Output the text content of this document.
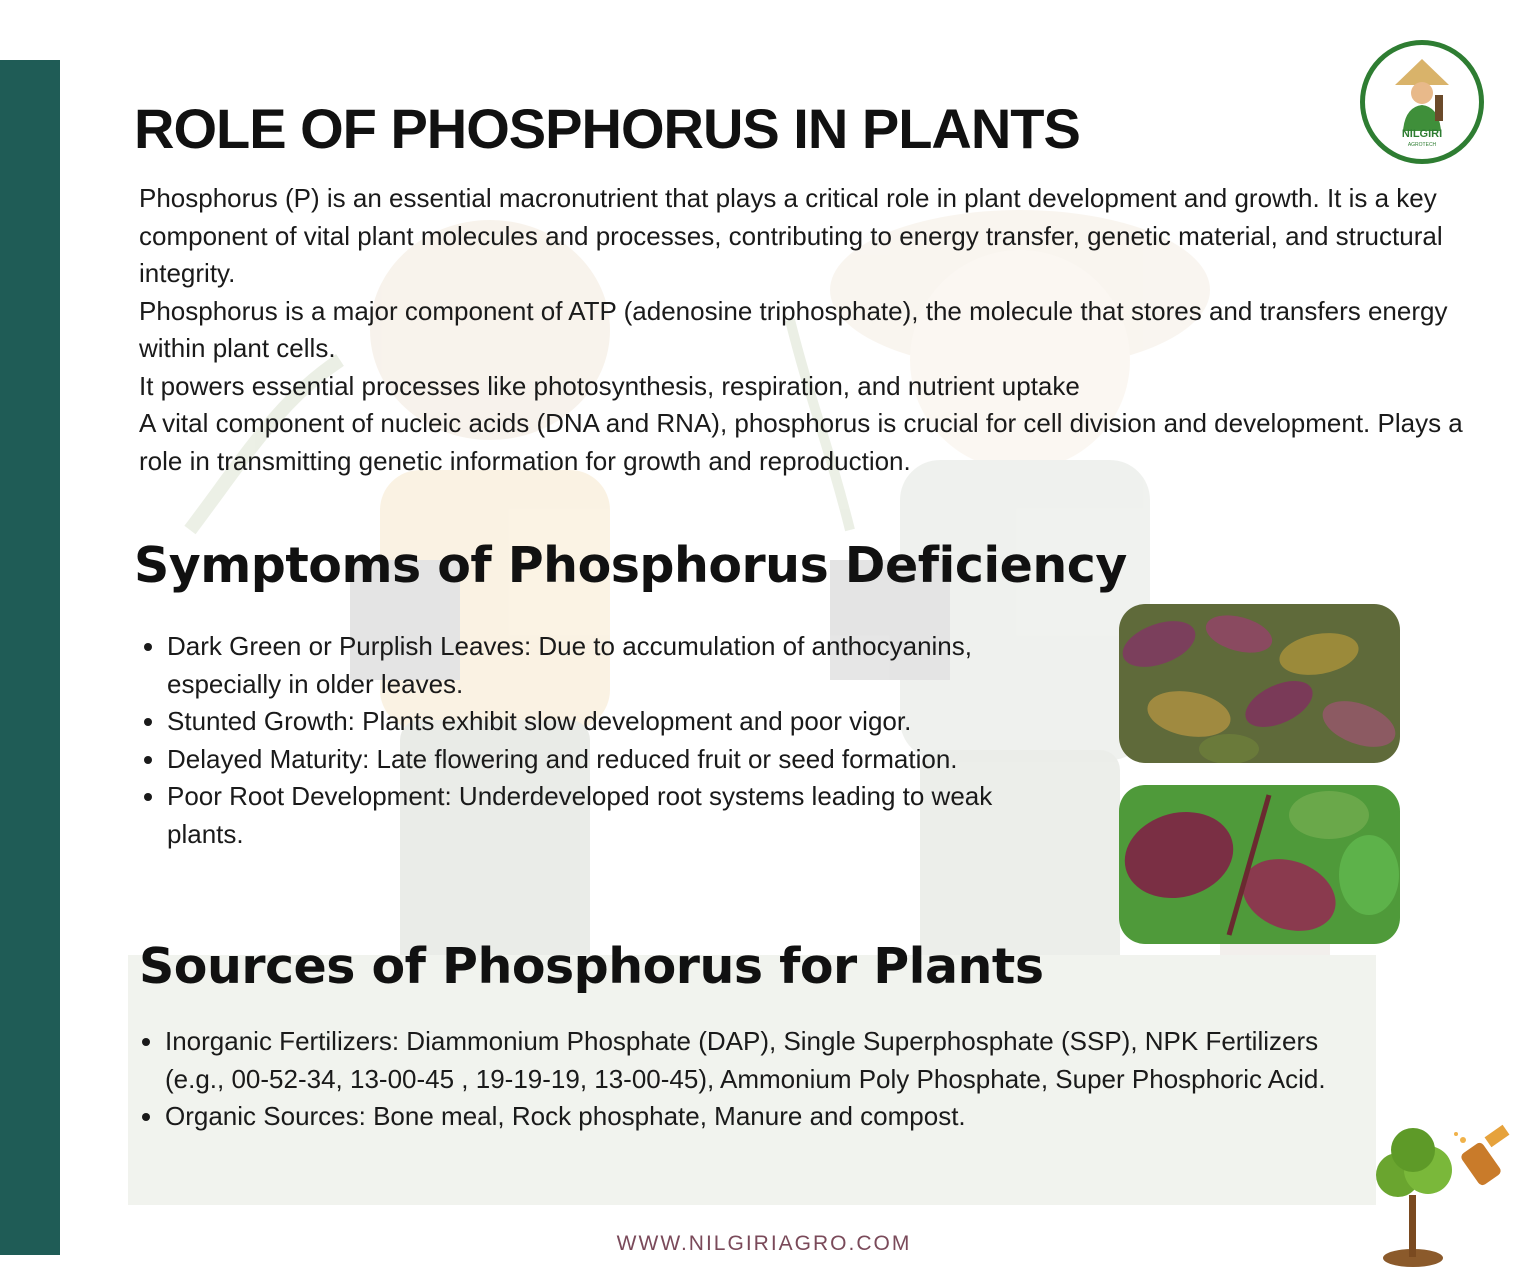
NILGIRI
AGROTECH
ROLE OF PHOSPHORUS IN PLANTS

Phosphorus (P) is an essential macronutrient that plays a critical role in plant development and growth. It is a key component of vital plant molecules and processes, contributing to energy transfer, genetic material, and structural integrity.

Phosphorus is a major component of ATP (adenosine triphosphate), the molecule that stores and transfers energy within plant cells.

It powers essential processes like photosynthesis, respiration, and nutrient uptake

A vital component of nucleic acids (DNA and RNA), phosphorus is crucial for cell division and development. Plays a role in transmitting genetic information for growth and reproduction.

Symptoms of Phosphorus Deficiency
• Dark Green or Purplish Leaves: Due to accumulation of anthocyanins, especially in older leaves.
• Stunted Growth: Plants exhibit slow development and poor vigor.
• Delayed Maturity: Late flowering and reduced fruit or seed formation.
• Poor Root Development: Underdeveloped root systems leading to weak plants.
Sources of Phosphorus for Plants
• Inorganic Fertilizers: Diammonium Phosphate (DAP), Single Superphosphate (SSP), NPK Fertilizers (e.g., 00-52-34, 13-00-45 , 19-19-19, 13-00-45), Ammonium Poly Phosphate, Super Phosphoric Acid.
• Organic Sources: Bone meal, Rock phosphate, Manure and compost.
WWW.NILGIRIAGRO.COM
